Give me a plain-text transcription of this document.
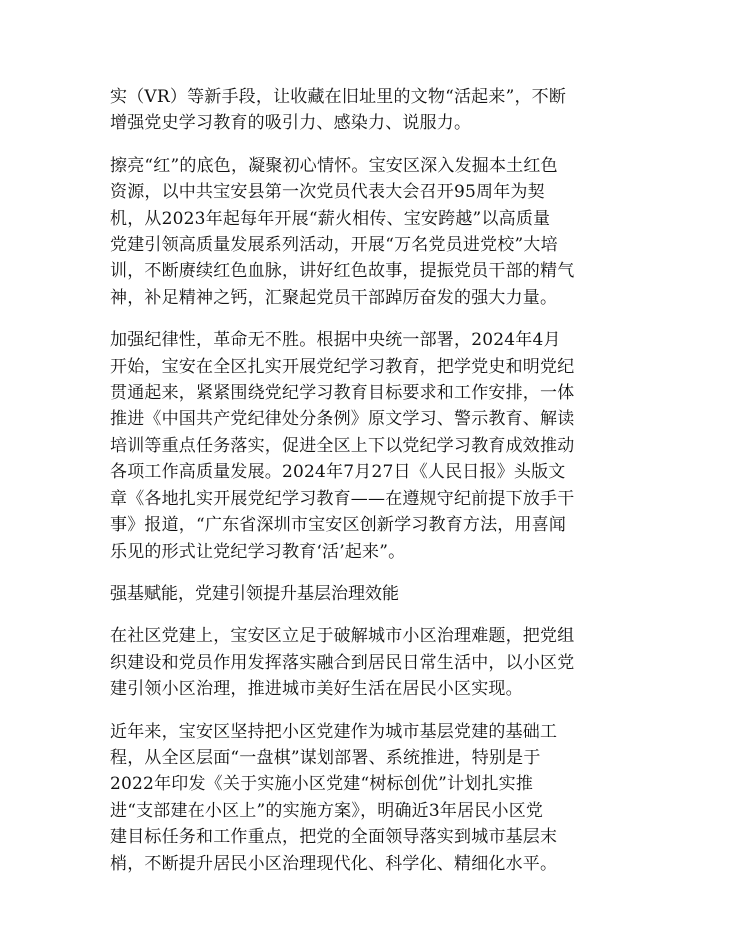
实（VR）等新手段，让收藏在旧址里的文物“活起来”，不断
增强党史学习教育的吸引力、感染力、说服力。

擦亮“红”的底色，凝聚初心情怀。宝安区深入发掘本土红色
资源，以中共宝安县第一次党员代表大会召开95周年为契
机，从2023年起每年开展“薪火相传、宝安跨越”以高质量
党建引领高质量发展系列活动，开展“万名党员进党校”大培
训，不断赓续红色血脉，讲好红色故事，提振党员干部的精气
神，补足精神之钙，汇聚起党员干部踔厉奋发的强大力量。

加强纪律性，革命无不胜。根据中央统一部署，2024年4月
开始，宝安在全区扎实开展党纪学习教育，把学党史和明党纪
贯通起来，紧紧围绕党纪学习教育目标要求和工作安排，一体
推进《中国共产党纪律处分条例》原文学习、警示教育、解读
培训等重点任务落实，促进全区上下以党纪学习教育成效推动
各项工作高质量发展。2024年7月27日《人民日报》头版文
章《各地扎实开展党纪学习教育——在遵规守纪前提下放手干
事》报道，“广东省深圳市宝安区创新学习教育方法，用喜闻
乐见的形式让党纪学习教育‘活’起来”。

强基赋能，党建引领提升基层治理效能

在社区党建上，宝安区立足于破解城市小区治理难题，把党组
织建设和党员作用发挥落实融合到居民日常生活中，以小区党
建引领小区治理，推进城市美好生活在居民小区实现。

近年来，宝安区坚持把小区党建作为城市基层党建的基础工
程，从全区层面“一盘棋”谋划部署、系统推进，特别是于
2022年印发《关于实施小区党建“树标创优”计划扎实推
进“支部建在小区上”的实施方案》，明确近3年居民小区党
建目标任务和工作重点，把党的全面领导落实到城市基层末
梢，不断提升居民小区治理现代化、科学化、精细化水平。
